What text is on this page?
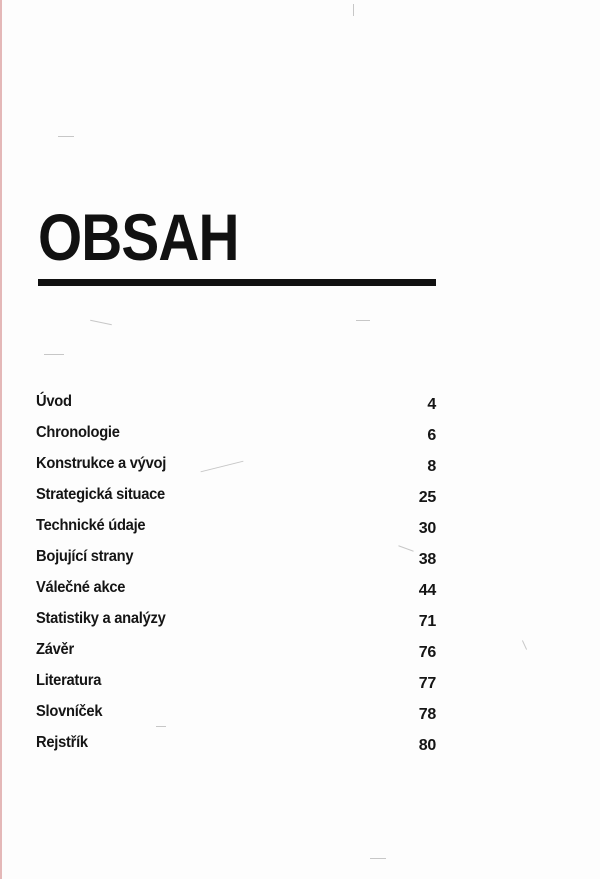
OBSAH
Úvod	4
Chronologie	6
Konstrukce a vývoj	8
Strategická situace	25
Technické údaje	30
Bojující strany	38
Válečné akce	44
Statistiky a analýzy	71
Závěr	76
Literatura	77
Slovníček	78
Rejstřík	80
